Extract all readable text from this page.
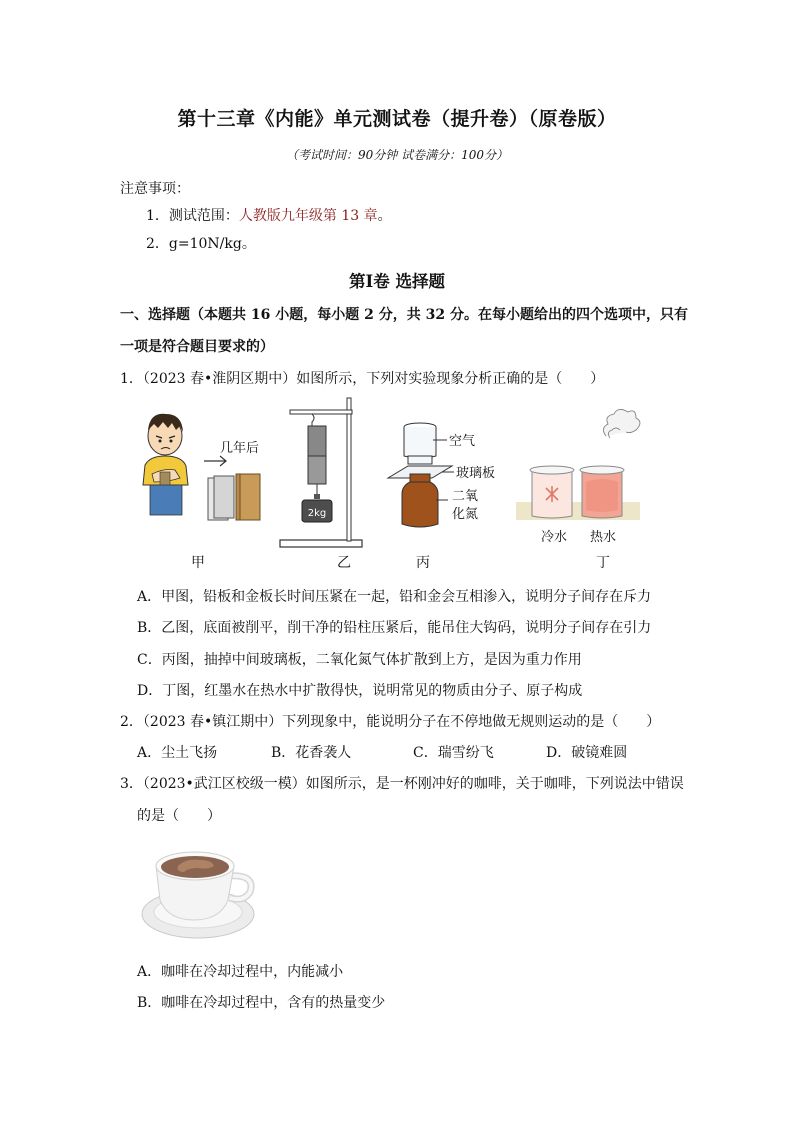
第十三章《内能》单元测试卷（提升卷）（原卷版）
（考试时间：90分钟 试卷满分：100分）
注意事项：
1．测试范围：人教版九年级第 13 章。
2．g=10N/kg。
第Ⅰ卷 选择题
一、选择题（本题共 16 小题，每小题 2 分，共 32 分。在每小题给出的四个选项中，只有
一项是符合题目要求的）
1．（2023 春•淮阴区期中）如图所示，下列对实验现象分析正确的是（　　）
几年后
2kg
空气
玻璃板
二氧
化氮
冷水 热水
甲	乙	丙	丁
A．甲图，铅板和金板长时间压紧在一起，铅和金会互相渗入，说明分子间存在斥力
B．乙图，底面被削平，削干净的铅柱压紧后，能吊住大钩码，说明分子间存在引力
C．丙图，抽掉中间玻璃板，二氧化氮气体扩散到上方，是因为重力作用
D．丁图，红墨水在热水中扩散得快，说明常见的物质由分子、原子构成
2．（2023 春•镇江期中）下列现象中，能说明分子在不停地做无规则运动的是（　　）
A．尘土飞扬	B．花香袭人	C．瑞雪纷飞	D．破镜难圆
3．（2023•武江区校级一模）如图所示，是一杯刚冲好的咖啡，关于咖啡，下列说法中错误
的是（　　）
A．咖啡在冷却过程中，内能减小
B．咖啡在冷却过程中，含有的热量变少
